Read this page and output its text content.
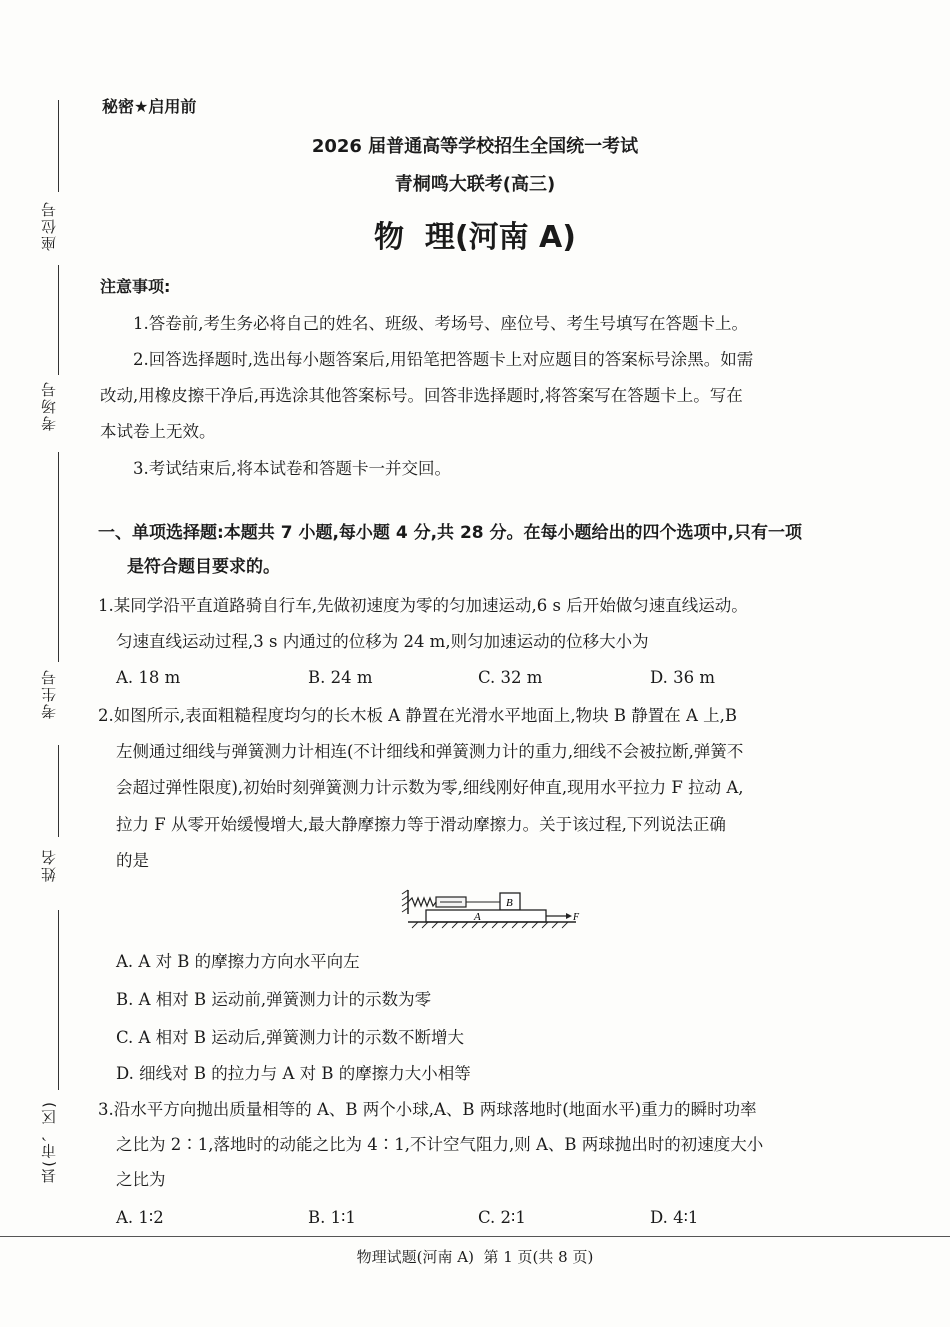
座位号
考场号
考生号
姓名
县(市、区)
秘密★启用前
2026 届普通高等学校招生全国统一考试
青桐鸣大联考(高三)
物  理(河南 A)
注意事项:
1.答卷前,考生务必将自己的姓名、班级、考场号、座位号、考生号填写在答题卡上。
2.回答选择题时,选出每小题答案后,用铅笔把答题卡上对应题目的答案标号涂黑。如需
改动,用橡皮擦干净后,再选涂其他答案标号。回答非选择题时,将答案写在答题卡上。写在
本试卷上无效。
3.考试结束后,将本试卷和答题卡一并交回。
一、单项选择题:本题共 7 小题,每小题 4 分,共 28 分。在每小题给出的四个选项中,只有一项
是符合题目要求的。
1.某同学沿平直道路骑自行车,先做初速度为零的匀加速运动,6 s 后开始做匀速直线运动。
匀速直线运动过程,3 s 内通过的位移为 24 m,则匀加速运动的位移大小为
A. 18 m	B. 24 m	C. 32 m	D. 36 m
2.如图所示,表面粗糙程度均匀的长木板 A 静置在光滑水平地面上,物块 B 静置在 A 上,B
左侧通过细线与弹簧测力计相连(不计细线和弹簧测力计的重力,细线不会被拉断,弹簧不
会超过弹性限度),初始时刻弹簧测力计示数为零,细线刚好伸直,现用水平拉力 F 拉动 A,
拉力 F 从零开始缓慢增大,最大静摩擦力等于滑动摩擦力。关于该过程,下列说法正确
的是
B
A	F
A. A 对 B 的摩擦力方向水平向左
B. A 相对 B 运动前,弹簧测力计的示数为零
C. A 相对 B 运动后,弹簧测力计的示数不断增大
D. 细线对 B 的拉力与 A 对 B 的摩擦力大小相等
3.沿水平方向抛出质量相等的 A、B 两个小球,A、B 两球落地时(地面水平)重力的瞬时功率
之比为 2∶1,落地时的动能之比为 4∶1,不计空气阻力,则 A、B 两球抛出时的初速度大小
之比为
A. 1∶2	B. 1∶1	C. 2∶1	D. 4∶1
物理试题(河南 A)  第 1 页(共 8 页)
